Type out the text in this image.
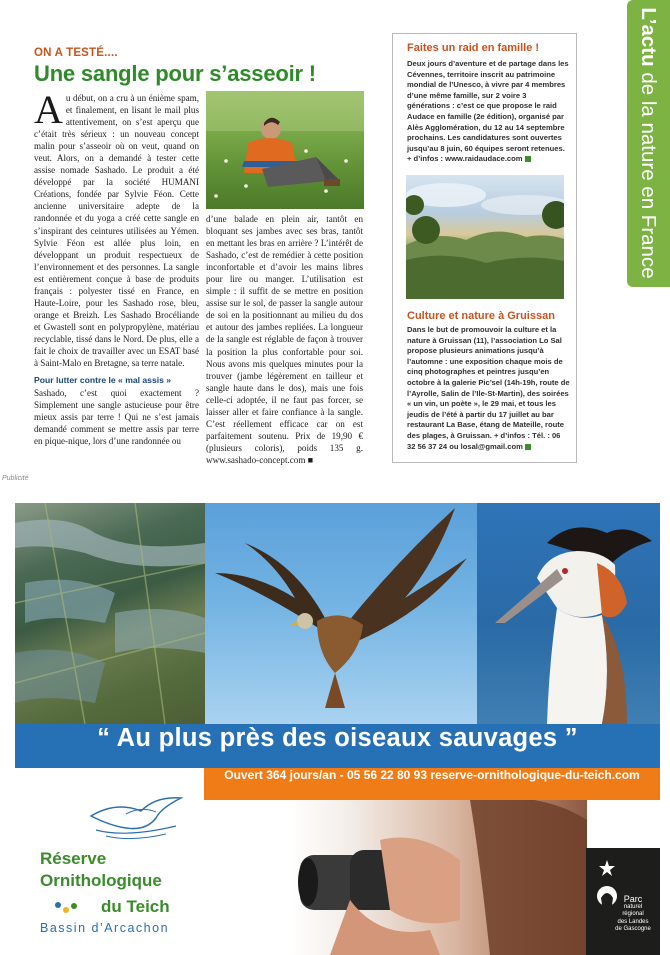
ON A TESTÉ....
Une sangle pour s’asseoir !
A u début, on a cru à un énième spam, et finalement, en lisant le mail plus attentivement, on s’est aperçu que c’était très sérieux : un nouveau concept malin pour s’asseoir où on veut, quand on veut. Alors, on a demandé à tester cette assise nomade Sashado. Le produit a été développé par la société HUMANI Créations, fondée par Sylvie Féon. Cette ancienne universitaire adepte de la randonnée et du yoga a créé cette sangle en s’inspirant des ceintures utilisées au Yémen. Sylvie Féon est allée plus loin, en développant un produit respectueux de l’environnement et des personnes. La sangle est entièrement conçue à base de produits français : polyester tissé en France, en Haute-Loire, pour les Sashado rose, bleu, orange et Breizh. Les Sashado Brocéliande et Gwastell sont en polypropylène, matériau recyclable, tissé dans le Nord. De plus, elle a fait le choix de travailler avec un ESAT basé à Saint-Malo en Bretagne, sa terre natale.

Pour lutter contre le « mal assis »

Sashado, c’est quoi exactement ? Simplement une sangle astucieuse pour être mieux assis par terre ! Qui ne s’est jamais demandé comment se mettre assis par terre en pique-nique, lors d’une randonnée ou

d’une balade en plein air, tantôt en bloquant ses jambes avec ses bras, tantôt en mettant les bras en arrière ? L’intérêt de Sashado, c’est de remédier à cette position inconfortable et d’avoir les mains libres pour lire ou manger. L’utilisation est simple : il suffit de se mettre en position assise sur le sol, de passer la sangle autour de soi en la positionnant au milieu du dos et autour des jambes repliées. La longueur de la sangle est réglable de façon à trouver la position la plus confortable pour soi. Nous avons mis quelques minutes pour la trouver (jambe légèrement en tailleur et sangle haute dans le dos), mais une fois celle-ci adoptée, il ne faut pas forcer, se laisser aller et faire confiance à la sangle. C’est réellement efficace car on est parfaitement soutenu. Prix de 19,90 € (plusieurs coloris), poids 135 g. www.sashado-concept.com ■
Faites un raid en famille !
Deux jours d’aventure et de partage dans les Cévennes, territoire inscrit au patrimoine mondial de l’Unesco, à vivre par 4 membres d’une même famille, sur 2 voire 3 générations : c’est ce que propose le raid Audace en famille (2e édition), organisé par Alès Agglomération, du 12 au 14 septembre prochains. Les candidatures sont ouvertes jusqu’au 8 juin, 60 équipes seront retenues. + d’infos : www.raidaudace.com
Culture et nature à Gruissan
Dans le but de promouvoir la culture et la nature à Gruissan (11), l’association Lo Sal propose plusieurs animations jusqu’à l’automne : une exposition chaque mois de cinq photographes et peintres jusqu’en octobre à la galerie Pic’sel (14h-19h, route de l’Ayrolle, Salin de l’Ile-St-Martin), des soirées « un vin, un poète », le 29 mai, et tous les jeudis de l’été à partir du 17 juillet au bar restaurant La Base, étang de Mateille, route des plages, à Gruissan. + d’infos : Tél. : 06 32 56 37 24 ou losal@gmail.com
L’actu de la nature en France
Publicité
“ Au plus près des oiseaux sauvages ”
Ouvert 364 jours/an - 05 56 22 80 93 reserve-ornithologique-du-teich.com
Réserve
Ornithologique
du Teich
Bassin d’Arcachon
Parc
naturel
régional
des Landes
de Gascogne
